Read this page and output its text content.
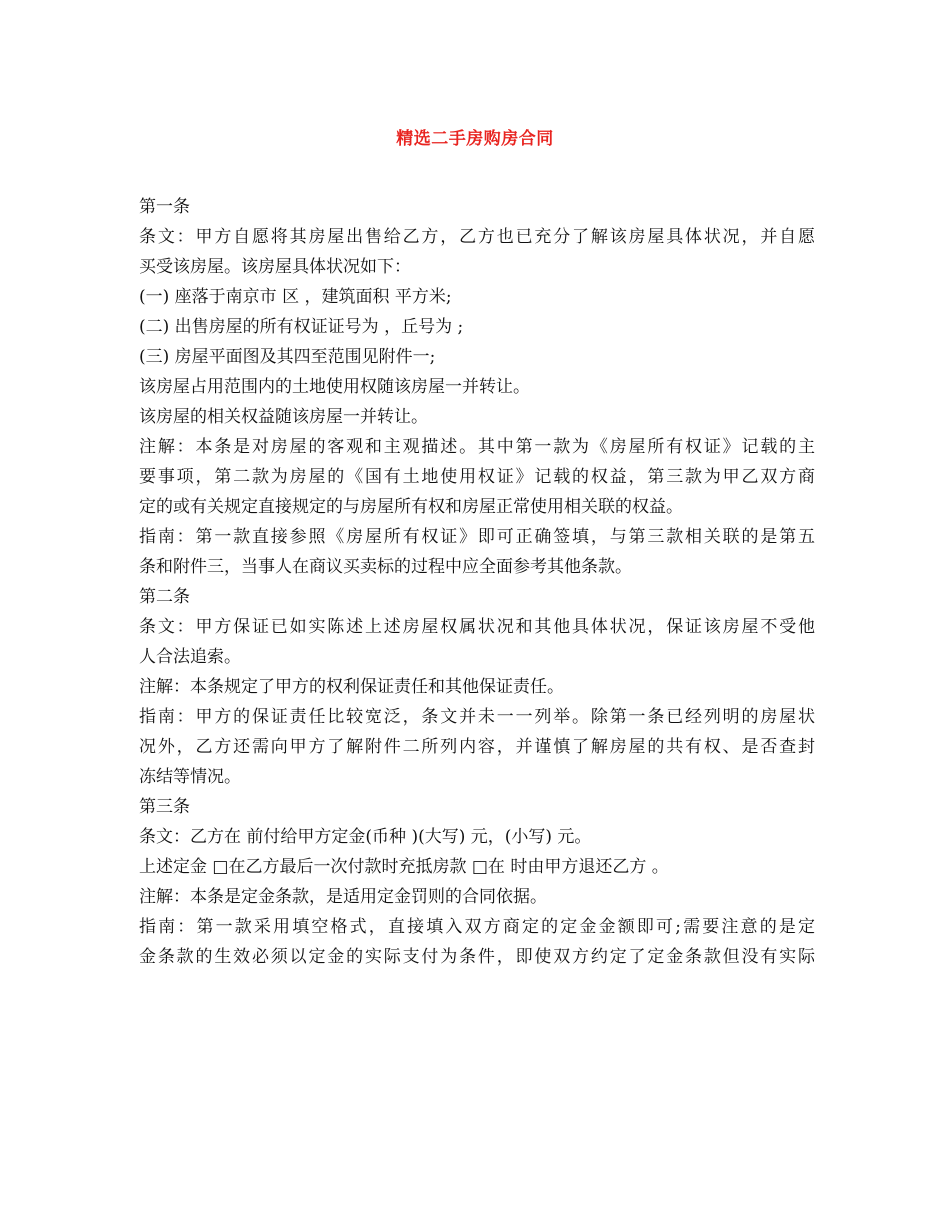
精选二手房购房合同
第一条
条文：甲方自愿将其房屋出售给乙方，乙方也已充分了解该房屋具体状况，并自愿
买受该房屋。该房屋具体状况如下：
(一) 座落于南京市 区 ，建筑面积 平方米;
(二) 出售房屋的所有权证证号为 ，丘号为 ;
(三) 房屋平面图及其四至范围见附件一;
该房屋占用范围内的土地使用权随该房屋一并转让。
该房屋的相关权益随该房屋一并转让。
注解：本条是对房屋的客观和主观描述。其中第一款为《房屋所有权证》记载的主
要事项，第二款为房屋的《国有土地使用权证》记载的权益，第三款为甲乙双方商
定的或有关规定直接规定的与房屋所有权和房屋正常使用相关联的权益。
指南：第一款直接参照《房屋所有权证》即可正确签填，与第三款相关联的是第五
条和附件三，当事人在商议买卖标的过程中应全面参考其他条款。
第二条
条文：甲方保证已如实陈述上述房屋权属状况和其他具体状况，保证该房屋不受他
人合法追索。
注解：本条规定了甲方的权利保证责任和其他保证责任。
指南：甲方的保证责任比较宽泛，条文并未一一列举。除第一条已经列明的房屋状
况外，乙方还需向甲方了解附件二所列内容，并谨慎了解房屋的共有权、是否查封
冻结等情况。
第三条
条文：乙方在 前付给甲方定金(币种 )(大写) 元，(小写) 元。
上述定金 □在乙方最后一次付款时充抵房款 □在 时由甲方退还乙方 。
注解：本条是定金条款，是适用定金罚则的合同依据。
指南：第一款采用填空格式，直接填入双方商定的定金金额即可;需要注意的是定
金条款的生效必须以定金的实际支付为条件，即使双方约定了定金条款但没有实际
